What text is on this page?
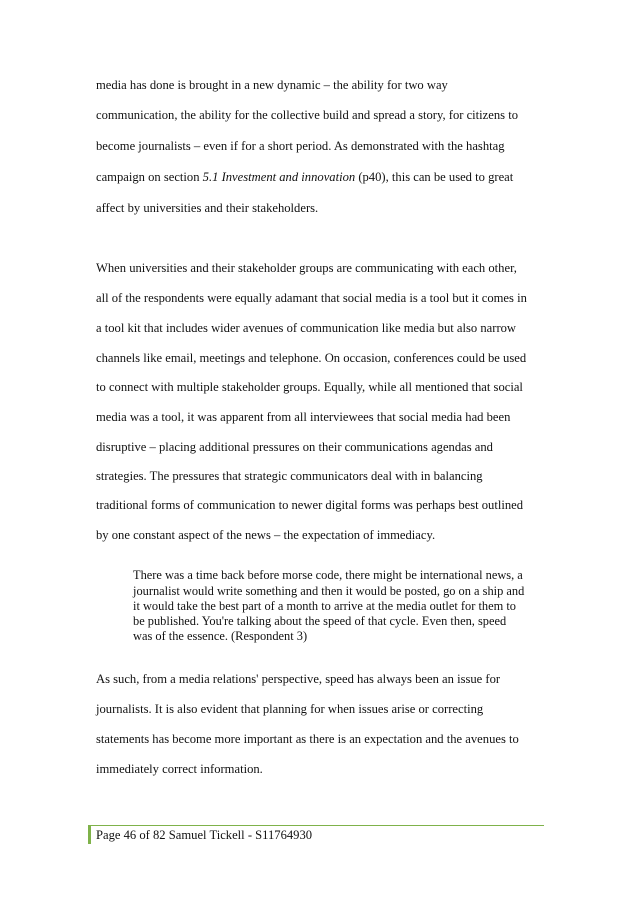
media has done is brought in a new dynamic – the ability for two way
communication, the ability for the collective build and spread a story, for citizens to
become journalists – even if for a short period. As demonstrated with the hashtag
campaign on section 5.1 Investment and innovation (p40), this can be used to great
affect by universities and their stakeholders.
When universities and their stakeholder groups are communicating with each other,
all of the respondents were equally adamant that social media is a tool but it comes in
a tool kit that includes wider avenues of communication like media but also narrow
channels like email, meetings and telephone. On occasion, conferences could be used
to connect with multiple stakeholder groups. Equally, while all mentioned that social
media was a tool, it was apparent from all interviewees that social media had been
disruptive – placing additional pressures on their communications agendas and
strategies. The pressures that strategic communicators deal with in balancing
traditional forms of communication to newer digital forms was perhaps best outlined
by one constant aspect of the news – the expectation of immediacy.
There was a time back before morse code, there might be international news, a
journalist would write something and then it would be posted, go on a ship and
it would take the best part of a month to arrive at the media outlet for them to
be published. You're talking about the speed of that cycle. Even then, speed
was of the essence. (Respondent 3)
As such, from a media relations' perspective, speed has always been an issue for
journalists. It is also evident that planning for when issues arise or correcting
statements has become more important as there is an expectation and the avenues to
immediately correct information.
Page 46 of 82 Samuel Tickell - S11764930
